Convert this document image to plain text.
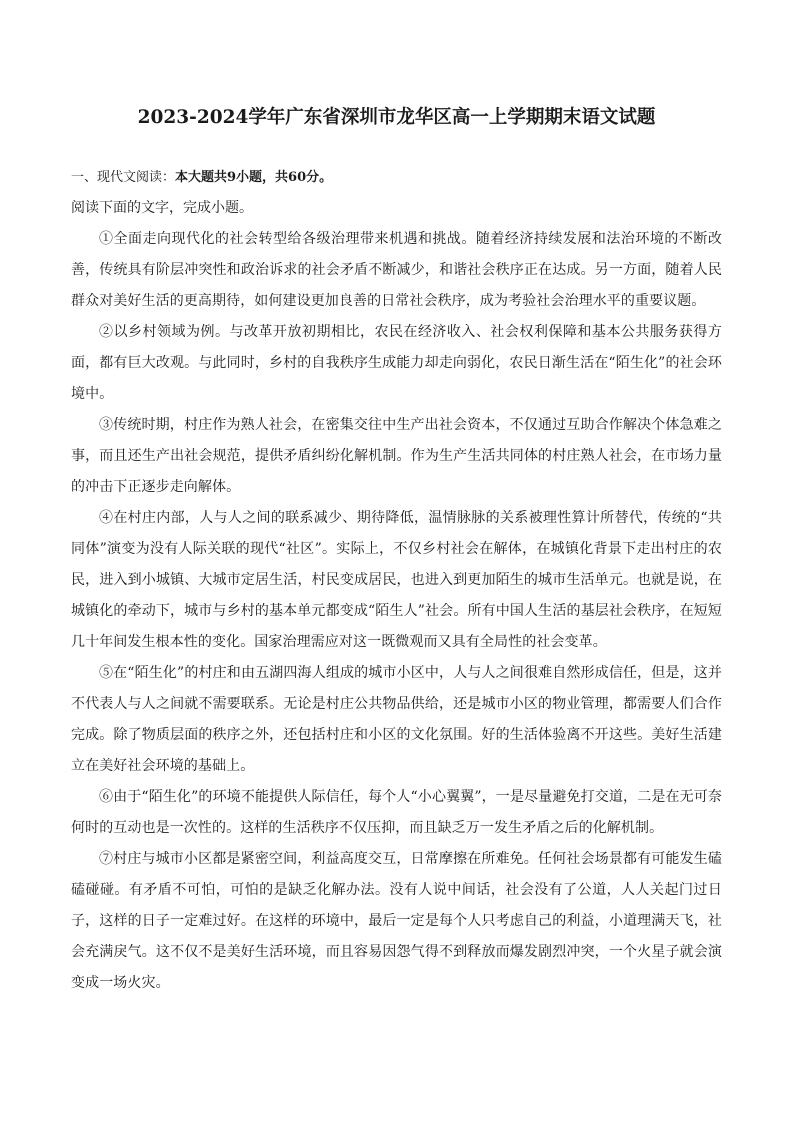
2023-2024学年广东省深圳市龙华区高一上学期期末语文试题

一、现代文阅读：本大题共9小题，共60分。

阅读下面的文字，完成小题。

①全面走向现代化的社会转型给各级治理带来机遇和挑战。随着经济持续发展和法治环境的不断改善，传统具有阶层冲突性和政治诉求的社会矛盾不断减少，和谐社会秩序正在达成。另一方面，随着人民群众对美好生活的更高期待，如何建设更加良善的日常社会秩序，成为考验社会治理水平的重要议题。

②以乡村领域为例。与改革开放初期相比，农民在经济收入、社会权利保障和基本公共服务获得方面，都有巨大改观。与此同时，乡村的自我秩序生成能力却走向弱化，农民日渐生活在“陌生化”的社会环境中。

③传统时期，村庄作为熟人社会，在密集交往中生产出社会资本，不仅通过互助合作解决个体急难之事，而且还生产出社会规范，提供矛盾纠纷化解机制。作为生产生活共同体的村庄熟人社会，在市场力量的冲击下正逐步走向解体。

④在村庄内部，人与人之间的联系减少、期待降低，温情脉脉的关系被理性算计所替代，传统的“共同体”演变为没有人际关联的现代“社区”。实际上，不仅乡村社会在解体，在城镇化背景下走出村庄的农民，进入到小城镇、大城市定居生活，村民变成居民，也进入到更加陌生的城市生活单元。也就是说，在城镇化的牵动下，城市与乡村的基本单元都变成“陌生人”社会。所有中国人生活的基层社会秩序，在短短几十年间发生根本性的变化。国家治理需应对这一既微观而又具有全局性的社会变革。

⑤在“陌生化”的村庄和由五湖四海人组成的城市小区中，人与人之间很难自然形成信任，但是，这并不代表人与人之间就不需要联系。无论是村庄公共物品供给，还是城市小区的物业管理，都需要人们合作完成。除了物质层面的秩序之外，还包括村庄和小区的文化氛围。好的生活体验离不开这些。美好生活建立在美好社会环境的基础上。

⑥由于“陌生化”的环境不能提供人际信任，每个人“小心翼翼”，一是尽量避免打交道，二是在无可奈何时的互动也是一次性的。这样的生活秩序不仅压抑，而且缺乏万一发生矛盾之后的化解机制。

⑦村庄与城市小区都是紧密空间，利益高度交互，日常摩擦在所难免。任何社会场景都有可能发生磕磕碰碰。有矛盾不可怕，可怕的是缺乏化解办法。没有人说中间话，社会没有了公道，人人关起门过日子，这样的日子一定难过好。在这样的环境中，最后一定是每个人只考虑自己的利益，小道理满天飞，社会充满戾气。这不仅不是美好生活环境，而且容易因怨气得不到释放而爆发剧烈冲突，一个火星子就会演变成一场火灾。
